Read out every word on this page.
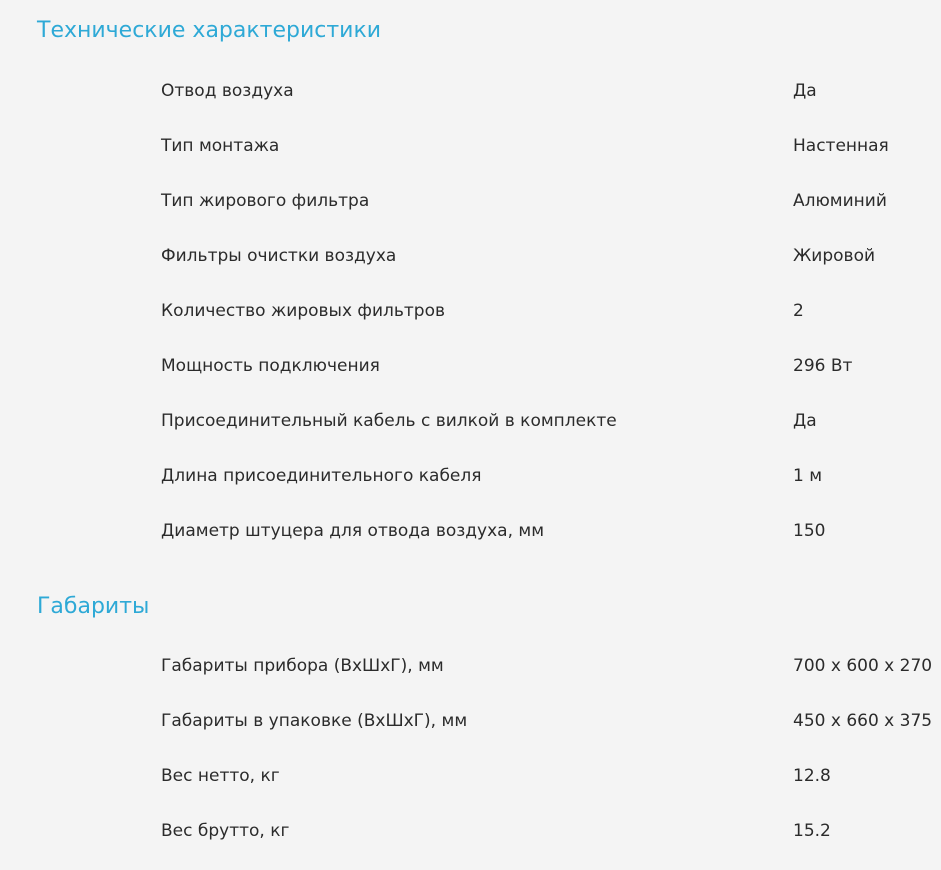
Технические характеристики
Отвод воздуха	Да
Тип монтажа	Настенная
Тип жирового фильтра	Алюминий
Фильтры очистки воздуха	Жировой
Количество жировых фильтров	2
Мощность подключения	296 Вт
Присоединительный кабель с вилкой в комплекте	Да
Длина присоединительного кабеля	1 м
Диаметр штуцера для отвода воздуха, мм	150
Габариты
Габариты прибора (ВxШxГ), мм	700 x 600 x 270
Габариты в упаковке (ВxШxГ), мм	450 x 660 x 375
Вес нетто, кг	12.8
Вес брутто, кг	15.2
